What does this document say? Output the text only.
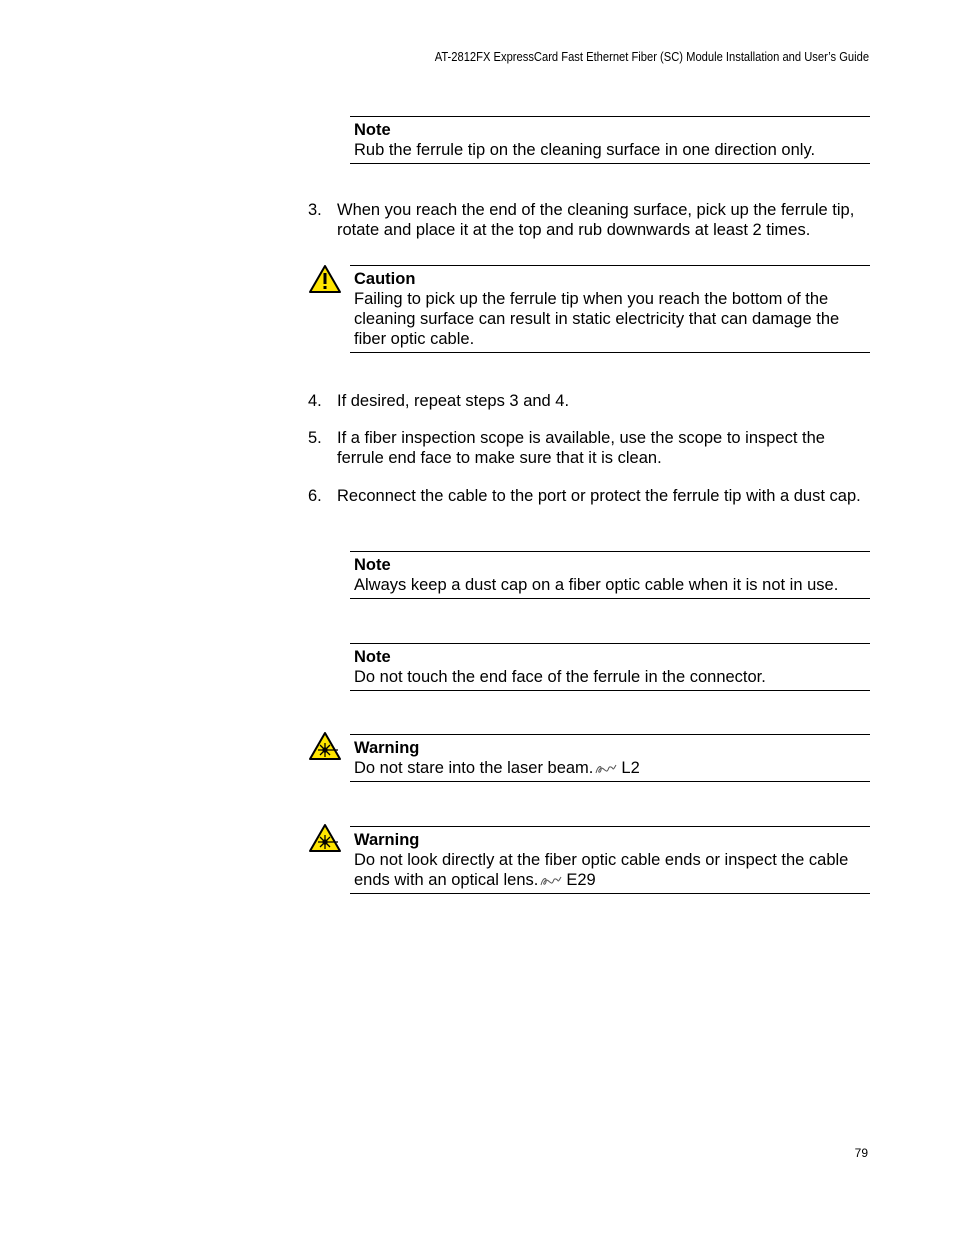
AT-2812FX ExpressCard Fast Ethernet Fiber (SC) Module Installation and User’s Guide
Note
Rub the ferrule tip on the cleaning surface in one direction only.
3. When you reach the end of the cleaning surface, pick up the ferrule tip, rotate and place it at the top and rub downwards at least 2 times.
Caution
Failing to pick up the ferrule tip when you reach the bottom of the cleaning surface can result in static electricity that can damage the fiber optic cable.
4. If desired, repeat steps 3 and 4.
5. If a fiber inspection scope is available, use the scope to inspect the ferrule end face to make sure that it is clean.
6. Reconnect the cable to the port or protect the ferrule tip with a dust cap.
Note
Always keep a dust cap on a fiber optic cable when it is not in use.
Note
Do not touch the end face of the ferrule in the connector.
Warning
Do not stare into the laser beam. L2
Warning
Do not look directly at the fiber optic cable ends or inspect the cable ends with an optical lens. E29
79
